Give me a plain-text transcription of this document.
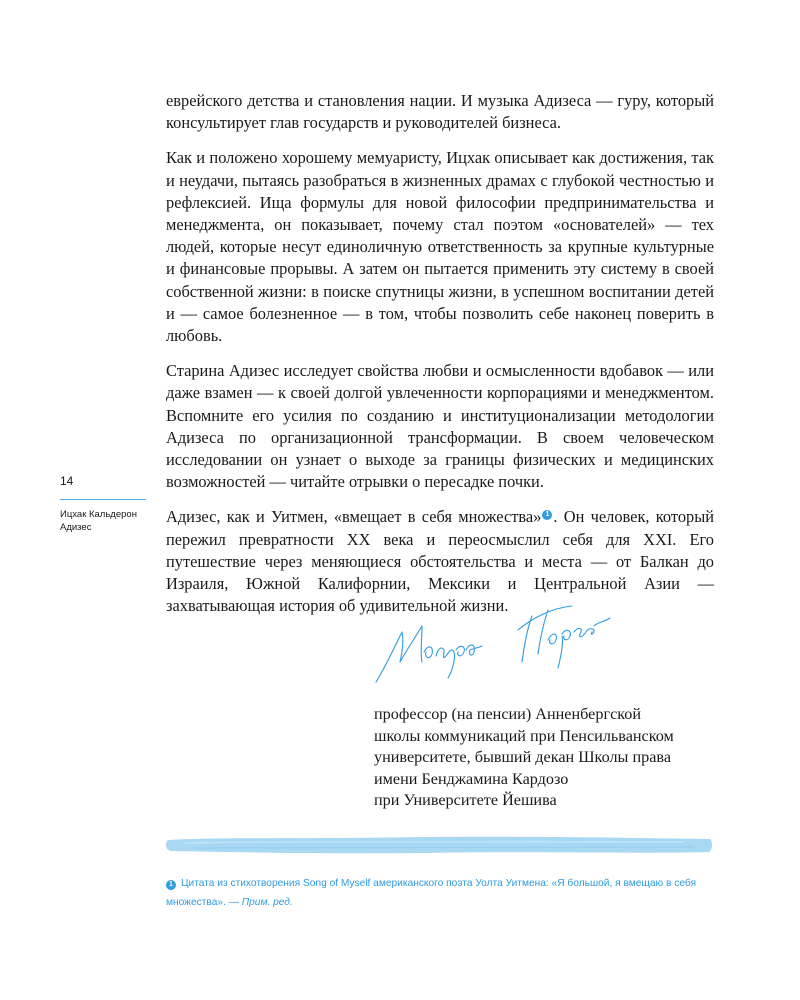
еврейского детства и становления нации. И музыка Адизеса — гуру, который консультирует глав государств и руководителей бизнеса.

Как и положено хорошему мемуаристу, Ицхак описывает как достижения, так и неудачи, пытаясь разобраться в жизненных драмах с глубокой честностью и рефлексией. Ища формулы для новой философии предпринимательства и менеджмента, он показывает, почему стал поэтом «основателей» — тех людей, которые несут единоличную ответственность за крупные культурные и финансовые прорывы. А затем он пытается применить эту систему в своей собственной жизни: в поиске спутницы жизни, в успешном воспитании детей и — самое болезненное — в том, чтобы позволить себе наконец поверить в любовь.

Старина Адизес исследует свойства любви и осмысленности вдобавок — или даже взамен — к своей долгой увлеченности корпорациями и менеджментом. Вспомните его усилия по созданию и институционализации методологии Адизеса по организационной трансформации. В своем человеческом исследовании он узнает о выходе за границы физических и медицинских возможностей — читайте отрывки о пересадке почки.

Адизес, как и Уитмен, «вмещает в себя множества» 1 . Он человек, который пережил превратности XX века и переосмыслил себя для XXI. Его путешествие через меняющиеся обстоятельства и места — от Балкан до Израиля, Южной Калифорнии, Мексики и Центральной Азии — захватывающая история об удивительной жизни.

14
Ицхак Кальдерон
Адизес
профессор (на пенсии) Анненбергской
школы коммуникаций при Пенсильванском
университете, бывший декан Школы права
имени Бенджамина Кардозо
при Университете Йешива
1 Цитата из стихотворения Song of Myself американского поэта Уолта Уитмена: «Я большой, я вмещаю в себя множества». — Прим. ред.
